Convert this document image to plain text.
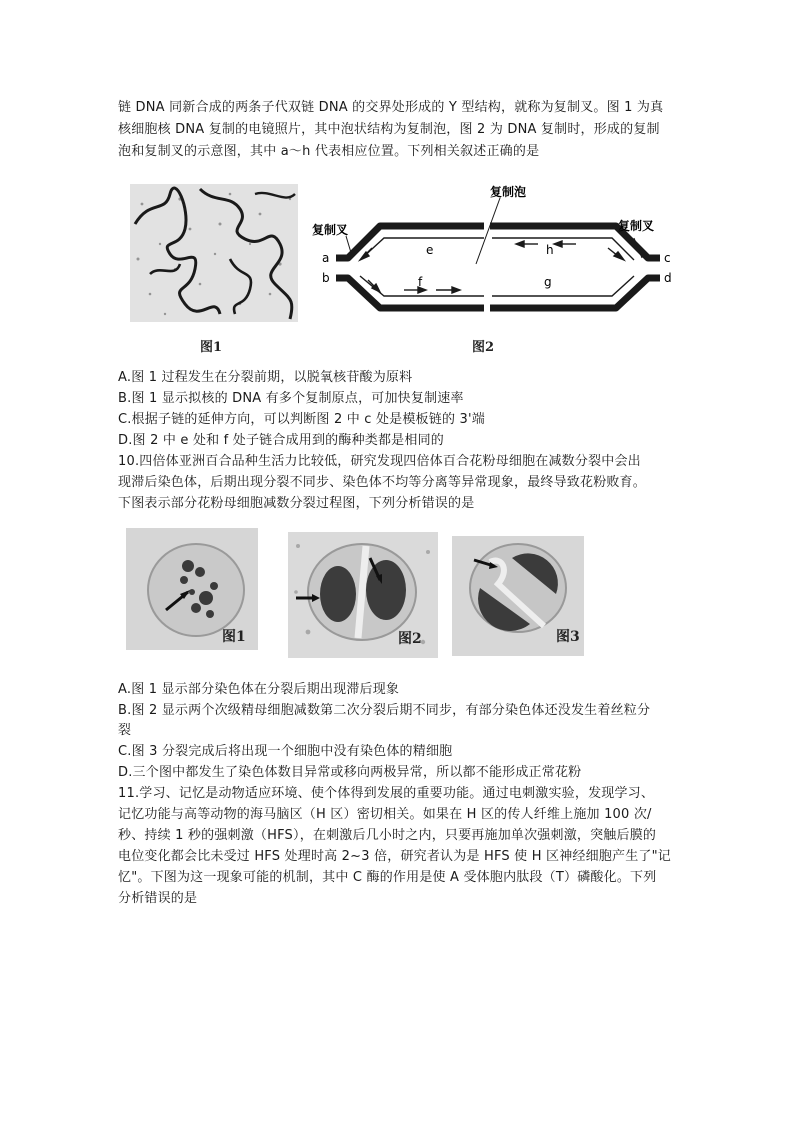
链 DNA 同新合成的两条子代双链 DNA 的交界处形成的 Y 型结构，就称为复制叉。图 1 为真
核细胞核 DNA 复制的电镜照片，其中泡状结构为复制泡，图 2 为 DNA 复制时，形成的复制
泡和复制叉的示意图，其中 a～h 代表相应位置。下列相关叙述正确的是
图1
复制泡
复制叉	复制叉
a
b
c
d
e
f	g
h
图2
A.图 1 过程发生在分裂前期，以脱氧核苷酸为原料
B.图 1 显示拟核的 DNA 有多个复制原点，可加快复制速率
C.根据子链的延伸方向，可以判断图 2 中 c 处是模板链的 3'端
D.图 2 中 e 处和 f 处子链合成用到的酶种类都是相同的
10.四倍体亚洲百合品种生活力比较低，研究发现四倍体百合花粉母细胞在减数分裂中会出
现滞后染色体，后期出现分裂不同步、染色体不均等分离等异常现象，最终导致花粉败育。
下图表示部分花粉母细胞减数分裂过程图，下列分析错误的是
图1	图2	图3
A.图 1 显示部分染色体在分裂后期出现滞后现象
B.图 2 显示两个次级精母细胞减数第二次分裂后期不同步，有部分染色体还没发生着丝粒分
裂
C.图 3 分裂完成后将出现一个细胞中没有染色体的精细胞
D.三个图中都发生了染色体数目异常或移向两极异常，所以都不能形成正常花粉
11.学习、记忆是动物适应环境、使个体得到发展的重要功能。通过电刺激实验，发现学习、
记忆功能与高等动物的海马脑区（H 区）密切相关。如果在 H 区的传人纤维上施加 100 次/
秒、持续 1 秒的强刺激（HFS），在刺激后几小时之内，只要再施加单次强刺激，突触后膜的
电位变化都会比未受过 HFS 处理时高 2~3 倍，研究者认为是 HFS 使 H 区神经细胞产生了"记
忆"。下图为这一现象可能的机制，其中 C 酶的作用是使 A 受体胞内肽段（T）磷酸化。下列
分析错误的是
